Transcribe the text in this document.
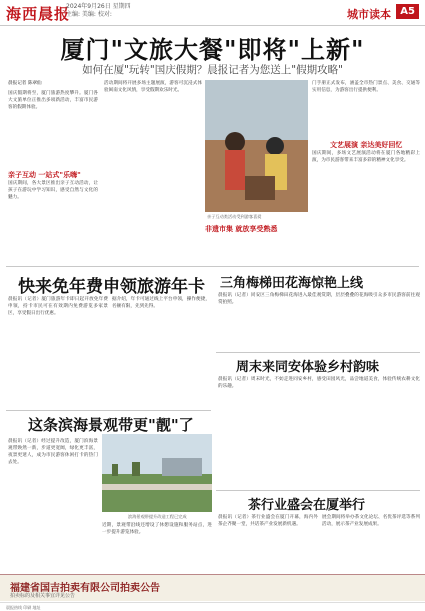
海西晨报
2024年9月26日 星期四
主编: 美编: 校对:	城市读本 A5
厦门"文旅大餐"即将"上新"
如何在厦"玩转"国庆假期？晨报记者为您送上"假期攻略"
晨报记者 陈翠仙
国庆假期将至，厦门旅游热度攀升。厦门各大文旅单位正推出多项新活动，丰富市民游客的假期体验。
亲子互动 一站式"乐嗨"
国庆期间，各大景区推出亲子互动活动，让孩子在游玩中学习知识，感受自然与文化的魅力。
活动期间将开展多场主题展演，游客可沉浸式体验闽南文化风情，享受假期欢乐时光。
亲子互动类活动受到游客喜爱
非遗市集 就放享受熟悉
门手册正式发布，涵盖全市热门景点、美食、交通等实用信息，为游客出行提供便利。
文艺展演 亲达美好回忆
国庆期间，多场文艺展演活动将在厦门各地精彩上演，为市民游客带来丰富多彩的精神文化享受。
快来免年费申领旅游年卡
晨报讯（记者）厦门旅游年卡即日起开放免年费申领，持卡市民可在有效期内免费游览多家景区，享受假日出行优惠。
据介绍，年卡可通过线上平台申领，操作便捷，名额有限，先到先得。
这条滨海景观带更"靓"了
晨报讯（记者）经过提升改造，厦门滨海景观带焕然一新，步道更宽阔，绿化更丰富，夜景更迷人，成为市民游客休闲打卡的热门去处。
滨海景观带提升改造工程已完成
近期，景观带沿线还增设了休憩设施和服务站点，进一步提升游览体验。
三角梅梯田花海惊艳上线
晨报讯（记者）同安区三角梅梯田花海进入最佳观赏期，层层叠叠的花海吸引众多市民游客前往观赏拍照。
周末来同安体验乡村韵味
晨报讯（记者）周末时光，不妨走进同安乡村，感受田园风光，品尝地道美食，体验传统农耕文化的乐趣。
茶行业盛会在厦举行
晨报讯（记者）茶行业盛会在厦门开幕，海内外茶企齐聚一堂，共话茶产业发展新机遇。
展会期间将举办茶文化论坛、名优茶评选等系列活动，展示茶产业发展成果。
福建省国吉拍卖有限公司拍卖公告
拍卖标的及相关事宜详见公告
晨报热线 印刷 地址
